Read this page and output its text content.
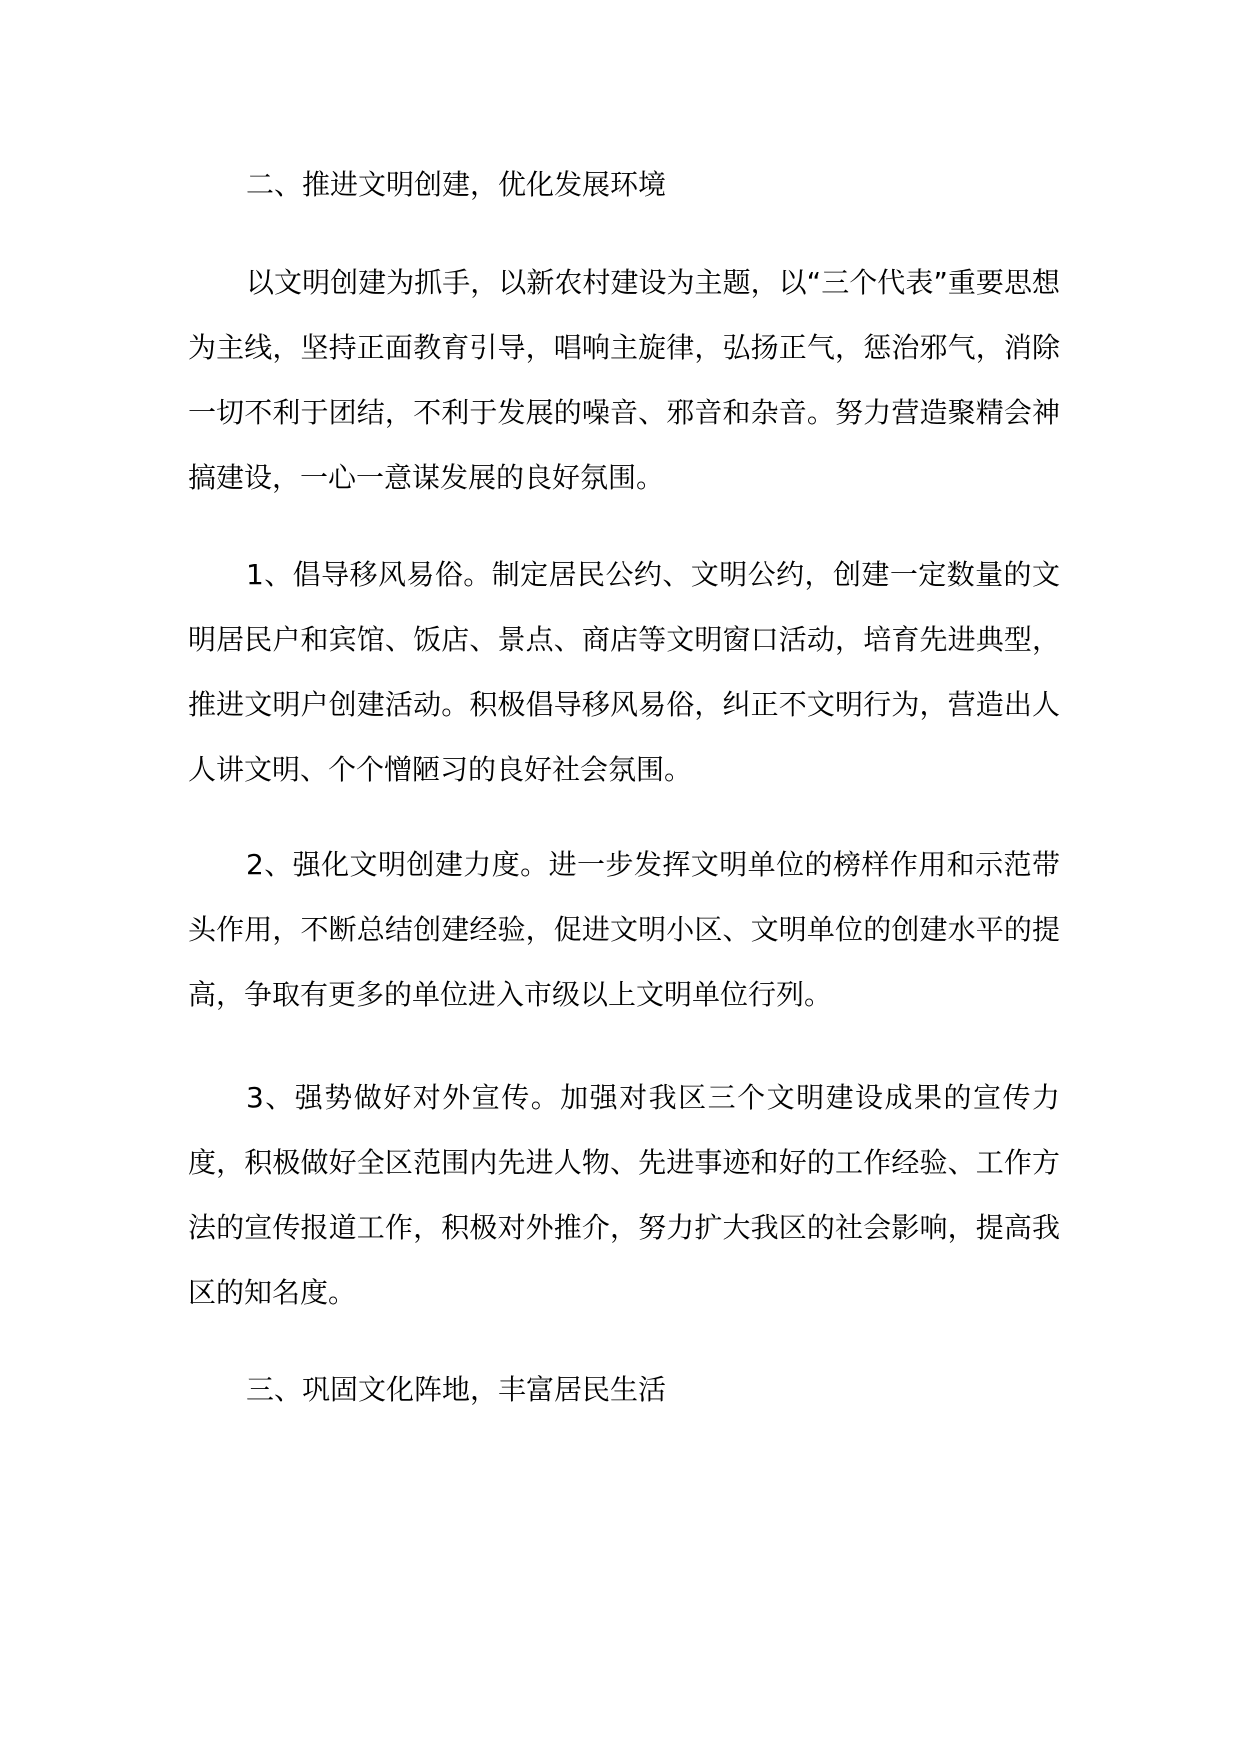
二、推进文明创建，优化发展环境

以文明创建为抓手，以新农村建设为主题，以“三个代表”重要思想为主线，坚持正面教育引导，唱响主旋律，弘扬正气，惩治邪气，消除一切不利于团结，不利于发展的噪音、邪音和杂音。努力营造聚精会神搞建设，一心一意谋发展的良好氛围。

1、倡导移风易俗。制定居民公约、文明公约，创建一定数量的文明居民户和宾馆、饭店、景点、商店等文明窗口活动，培育先进典型，推进文明户创建活动。积极倡导移风易俗，纠正不文明行为，营造出人人讲文明、个个憎陋习的良好社会氛围。

2、强化文明创建力度。进一步发挥文明单位的榜样作用和示范带头作用，不断总结创建经验，促进文明小区、文明单位的创建水平的提高，争取有更多的单位进入市级以上文明单位行列。

3、强势做好对外宣传。加强对我区三个文明建设成果的宣传力度，积极做好全区范围内先进人物、先进事迹和好的工作经验、工作方法的宣传报道工作，积极对外推介，努力扩大我区的社会影响，提高我区的知名度。

三、巩固文化阵地，丰富居民生活
